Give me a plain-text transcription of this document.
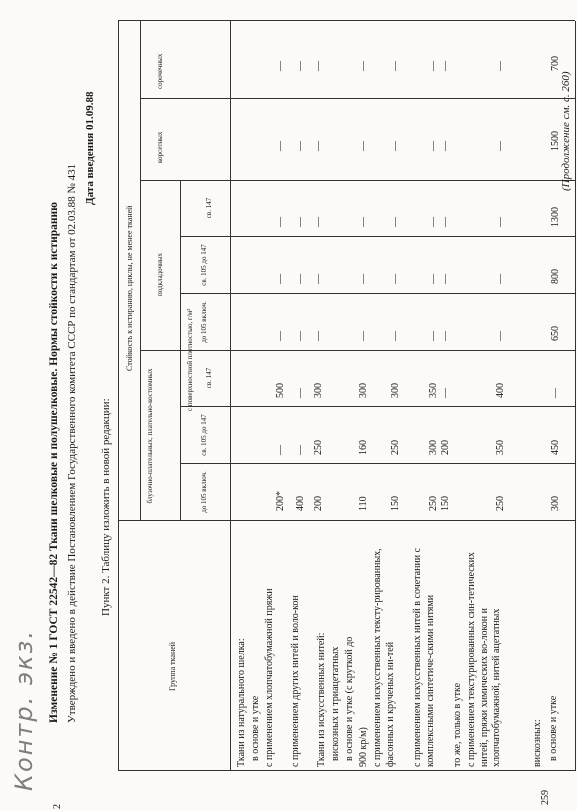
Контр. экз.
2
259
Изменение № 1 ГОСТ 22542—82 Ткани шелковые и полушелковые. Нормы стойкости к истиранию Утверждено и введено в действие Постановлением Государственного комитета СССР по стандартам от 02.03.88 № 431
Дата введения 01.09.88
Пункт 2. Таблицу изложить в новой редакции:
Группа тканей
Стойкость к истиранию, циклы, не менее тканей
блузочно-плательных, плательно-костюмных
подкладочных
корсетных
сорочечных
с поверхностной плотностью, г/м²
до 105 включ.
св. 105 до 147
св. 147
до 105 включ.
св. 105 до 147
св. 147
Ткани из натурального шелка: в основе и утке с применением хлопчатобумажной пряжи с применением других нитей и воло-кон Ткани из искусственных нитей: вискозных и триацетатных в основе и утке (с круткой до 900 кр/м) с применением искусственных тексту-рированных, фасонных и крученых ни-тей с применением искусственных нитей в сочетании с комплексными синтетиче-скими нитями то же, только в утке с применением текстурированных син-тетических нитей, пряжи химических во-локон и хлопчатобумажной, нитей ацетатных	вискозных: в основе и утке
200*
—
500
—
—
—
—
—
400
—
—
—
—
—
—
—
200
250
300
—
—
—
—
—
110
160
300
—
—
—
—
—
150
250
300
—
—
—
—
—
250
300
350
—
—
—
—
—
150
200
—
—
—
—
—
—
250
350
400
—
—
—
—
—
300
450
—
650
800
1300
1500
700
(Продолжение см. с. 260)
